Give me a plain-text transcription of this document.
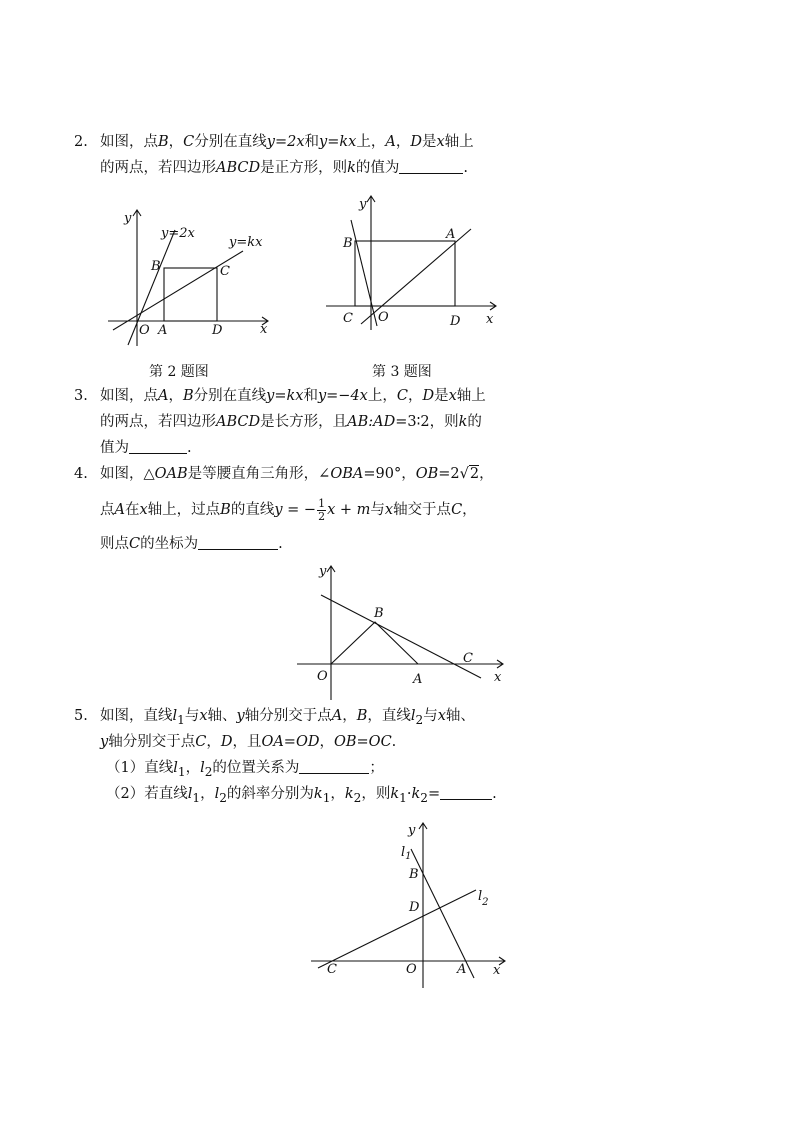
2. 如图，点B，C分别在直线y=2x和y=kx上，A，D是x轴上
的两点，若四边形ABCD是正方形，则k的值为	.
y
y=2x
y=kx
B	C
O A	D	x
第 2 题图
y
B
A
C O	D x
第 3 题图
3. 如图，点A，B分别在直线y=kx和y=−4x上，C，D是x轴上
的两点，若四边形ABCD是长方形，且AB:AD=3∶2，则k的
值为	.
4. 如图，△OAB是等腰直角三角形，∠OBA=90°，OB=2√2，
点A在x轴上，过点B的直线y = − $\frac{1}{2}$ x + m与x轴交于点C，
则点C的坐标为	.
y
B
C
O	A	x
5. 如图，直线$l_1$与x轴、y轴分别交于点A，B，直线$l_2$与x轴、
y轴分别交于点C，D，且OA=OD，OB=OC.
（1）直线$l_1$，$l_2$的位置关系为	；
（2）若直线$l_1$，$l_2$的斜率分别为$k_1$，$k_2$，则$k_1\cdot k_2=$	.
y
$l_1$
B
D
$l_2$
C	O	A x
